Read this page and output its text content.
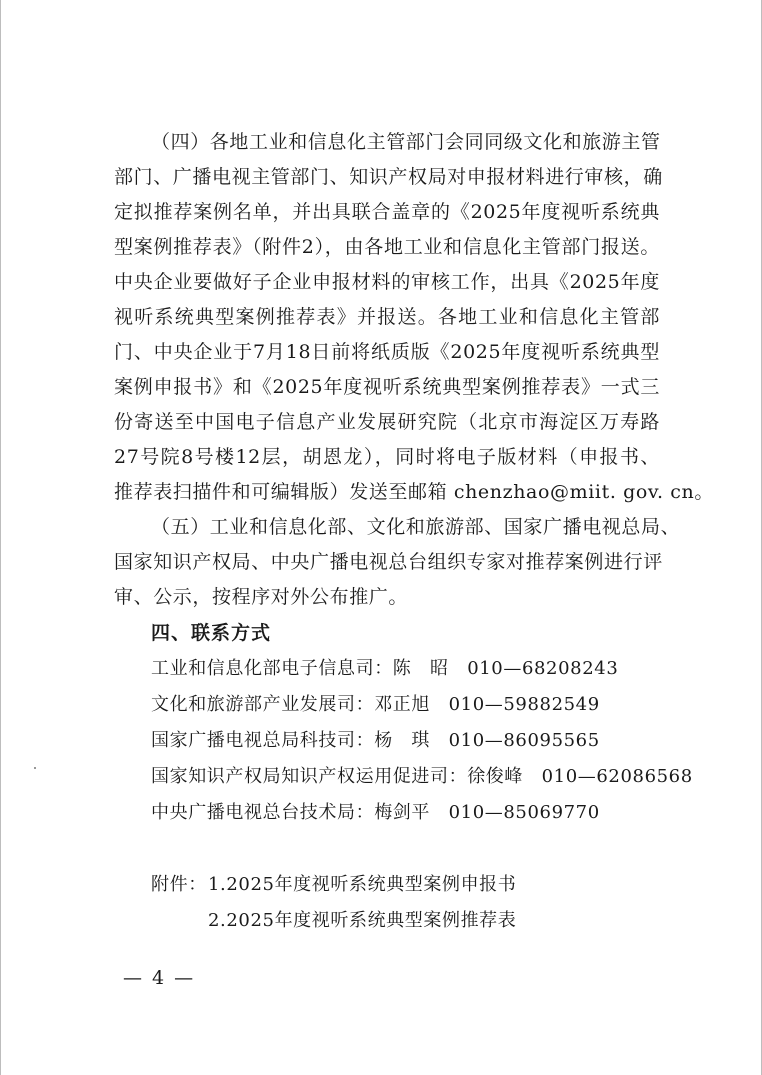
（四）各地工业和信息化主管部门会同同级文化和旅游主管
部门、广播电视主管部门、知识产权局对申报材料进行审核，确
定拟推荐案例名单，并出具联合盖章的《2025年度视听系统典
型案例推荐表》（附件2），由各地工业和信息化主管部门报送。
中央企业要做好子企业申报材料的审核工作，出具《2025年度
视听系统典型案例推荐表》并报送。各地工业和信息化主管部
门、中央企业于7月18日前将纸质版《2025年度视听系统典型
案例申报书》和《2025年度视听系统典型案例推荐表》一式三
份寄送至中国电子信息产业发展研究院（北京市海淀区万寿路
27号院8号楼12层，胡恩龙），同时将电子版材料（申报书、
推荐表扫描件和可编辑版）发送至邮箱 chenzhao@miit. gov. cn。
（五）工业和信息化部、文化和旅游部、国家广播电视总局、
国家知识产权局、中央广播电视总台组织专家对推荐案例进行评
审、公示，按程序对外公布推广。
四、联系方式
工业和信息化部电子信息司：陈　昭　010—68208243
文化和旅游部产业发展司：邓正旭　010—59882549
国家广播电视总局科技司：杨　琪　010—86095565
国家知识产权局知识产权运用促进司：徐俊峰　010—62086568
中央广播电视总台技术局：梅剑平　010—85069770
附件： 1.2025年度视听系统典型案例申报书
2.2025年度视听系统典型案例推荐表
— 4 —
